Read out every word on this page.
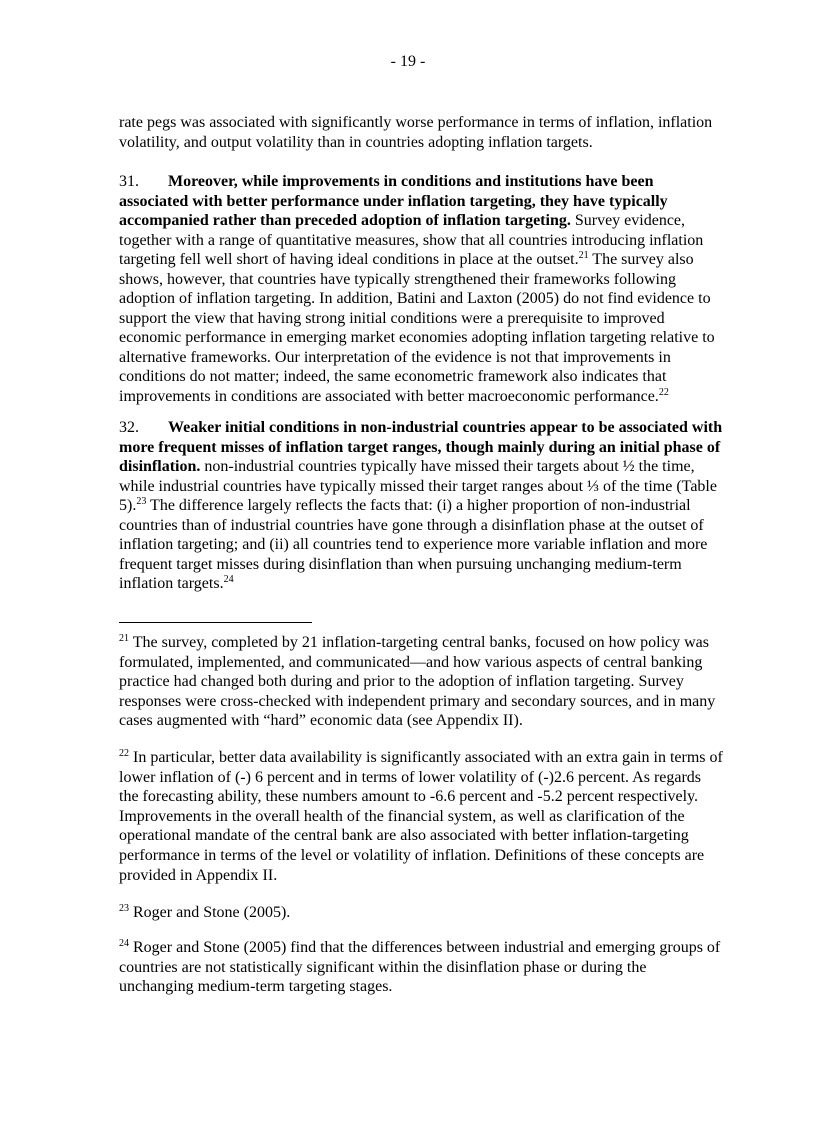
- 19 -

rate pegs was associated with significantly worse performance in terms of inflation, inflation volatility, and output volatility than in countries adopting inflation targets.

31. Moreover, while improvements in conditions and institutions have been associated with better performance under inflation targeting, they have typically accompanied rather than preceded adoption of inflation targeting. Survey evidence, together with a range of quantitative measures, show that all countries introducing inflation targeting fell well short of having ideal conditions in place at the outset.$^{21}$ The survey also shows, however, that countries have typically strengthened their frameworks following adoption of inflation targeting. In addition, Batini and Laxton (2005) do not find evidence to support the view that having strong initial conditions were a prerequisite to improved economic performance in emerging market economies adopting inflation targeting relative to alternative frameworks. Our interpretation of the evidence is not that improvements in conditions do not matter; indeed, the same econometric framework also indicates that improvements in conditions are associated with better macroeconomic performance.$^{22}$

32. Weaker initial conditions in non-industrial countries appear to be associated with more frequent misses of inflation target ranges, though mainly during an initial phase of disinflation. non-industrial countries typically have missed their targets about ½ the time, while industrial countries have typically missed their target ranges about ⅓ of the time (Table 5).$^{23}$ The difference largely reflects the facts that: (i) a higher proportion of non-industrial countries than of industrial countries have gone through a disinflation phase at the outset of inflation targeting; and (ii) all countries tend to experience more variable inflation and more frequent target misses during disinflation than when pursuing unchanging medium-term inflation targets.$^{24}$

$^{21}$ The survey, completed by 21 inflation-targeting central banks, focused on how policy was formulated, implemented, and communicated—and how various aspects of central banking practice had changed both during and prior to the adoption of inflation targeting. Survey responses were cross-checked with independent primary and secondary sources, and in many cases augmented with “hard” economic data (see Appendix II).

$^{22}$ In particular, better data availability is significantly associated with an extra gain in terms of lower inflation of (-) 6 percent and in terms of lower volatility of (-)2.6 percent. As regards the forecasting ability, these numbers amount to -6.6 percent and -5.2 percent respectively. Improvements in the overall health of the financial system, as well as clarification of the operational mandate of the central bank are also associated with better inflation-targeting performance in terms of the level or volatility of inflation. Definitions of these concepts are provided in Appendix II.

$^{23}$ Roger and Stone (2005).

$^{24}$ Roger and Stone (2005) find that the differences between industrial and emerging groups of countries are not statistically significant within the disinflation phase or during the unchanging medium-term targeting stages.
